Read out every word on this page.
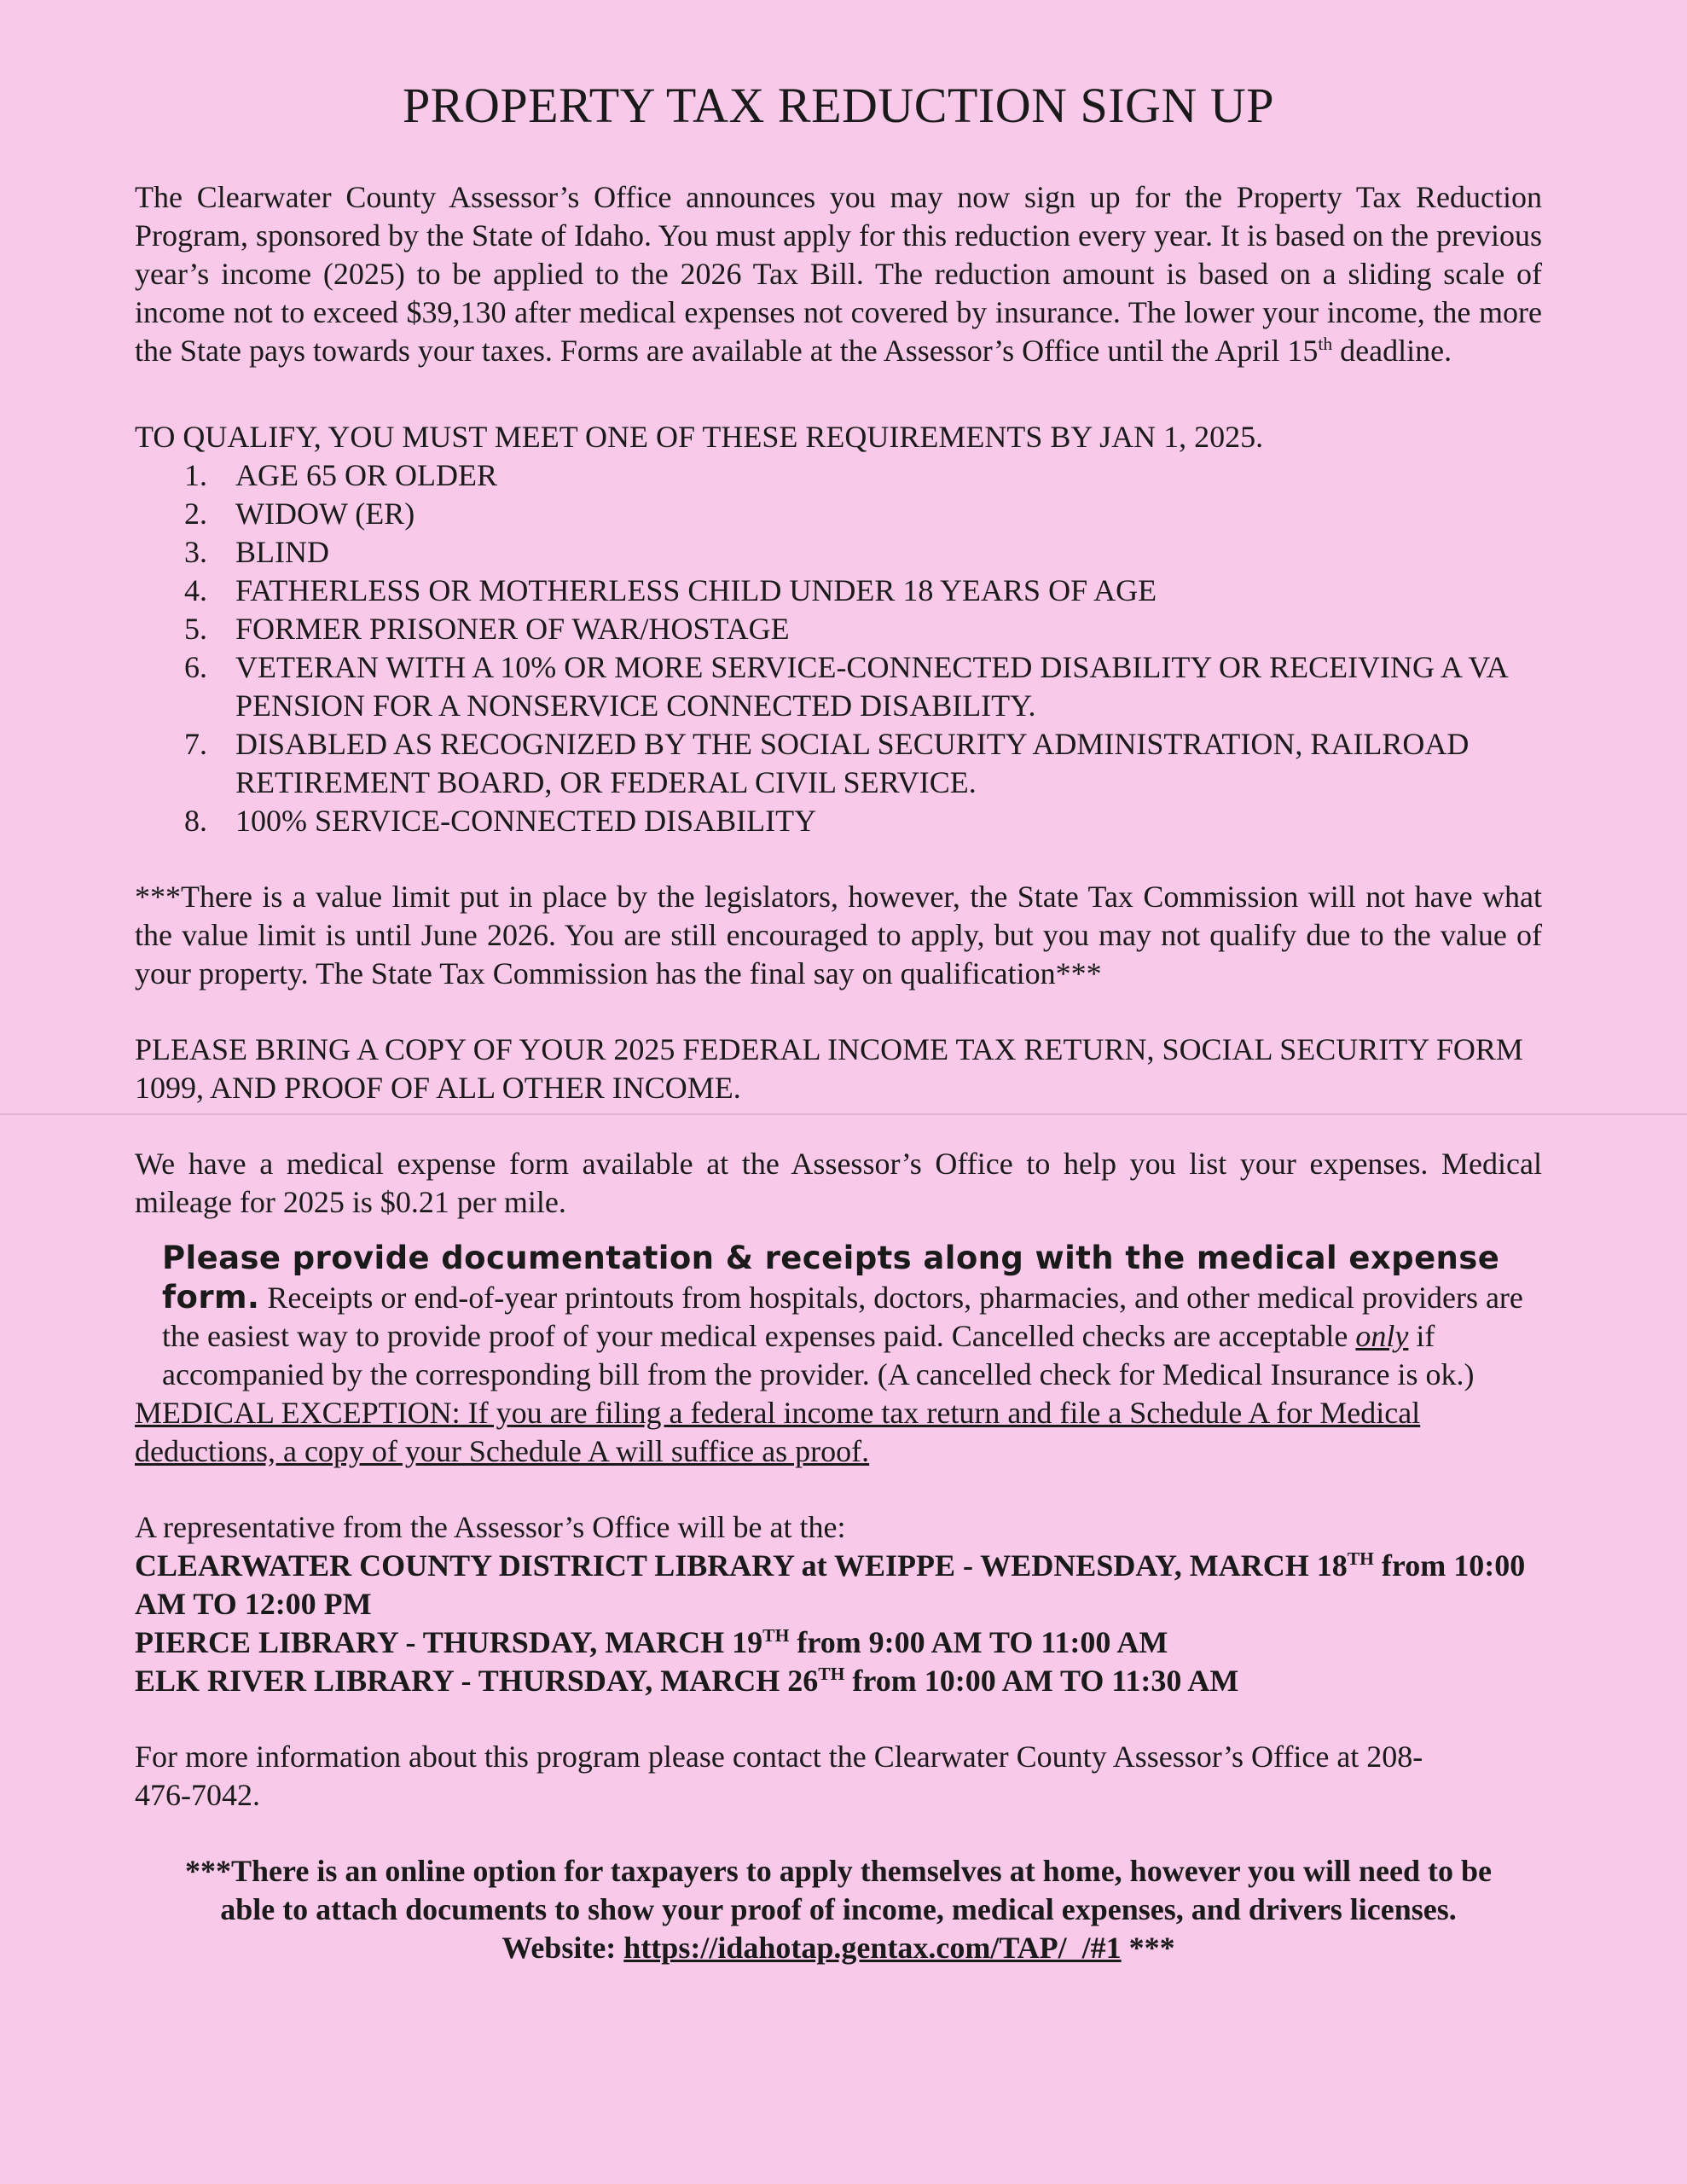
PROPERTY TAX REDUCTION SIGN UP

The Clearwater County Assessor’s Office announces you may now sign up for the Property Tax Reduction Program, sponsored by the State of Idaho. You must apply for this reduction every year. It is based on the previous year’s income (2025) to be applied to the 2026 Tax Bill. The reduction amount is based on a sliding scale of income not to exceed $39,130 after medical expenses not covered by insurance. The lower your income, the more the State pays towards your taxes. Forms are available at the Assessor’s Office until the April 15th deadline.

TO QUALIFY, YOU MUST MEET ONE OF THESE REQUIREMENTS BY JAN 1, 2025.

1. AGE 65 OR OLDER
2. WIDOW (ER)
3. BLIND
4. FATHERLESS OR MOTHERLESS CHILD UNDER 18 YEARS OF AGE
5. FORMER PRISONER OF WAR/HOSTAGE
6. VETERAN WITH A 10% OR MORE SERVICE-CONNECTED DISABILITY OR RECEIVING A VA PENSION FOR A NONSERVICE CONNECTED DISABILITY.
7. DISABLED AS RECOGNIZED BY THE SOCIAL SECURITY ADMINISTRATION, RAILROAD RETIREMENT BOARD, OR FEDERAL CIVIL SERVICE.
8. 100% SERVICE-CONNECTED DISABILITY

***There is a value limit put in place by the legislators, however, the State Tax Commission will not have what the value limit is until June 2026. You are still encouraged to apply, but you may not qualify due to the value of your property. The State Tax Commission has the final say on qualification***

PLEASE BRING A COPY OF YOUR 2025 FEDERAL INCOME TAX RETURN, SOCIAL SECURITY FORM 1099, AND PROOF OF ALL OTHER INCOME.

We have a medical expense form available at the Assessor’s Office to help you list your expenses. Medical mileage for 2025 is $0.21 per mile.

Please provide documentation & receipts along with the medical expense form. Receipts or end-of-year printouts from hospitals, doctors, pharmacies, and other medical providers are the easiest way to provide proof of your medical expenses paid. Cancelled checks are acceptable only if accompanied by the corresponding bill from the provider. (A cancelled check for Medical Insurance is ok.)

MEDICAL EXCEPTION: If you are filing a federal income tax return and file a Schedule A for Medical deductions, a copy of your Schedule A will suffice as proof.

A representative from the Assessor’s Office will be at the:

CLEARWATER COUNTY DISTRICT LIBRARY at WEIPPE - WEDNESDAY, MARCH 18TH from 10:00 AM TO 12:00 PM

PIERCE LIBRARY - THURSDAY, MARCH 19TH from 9:00 AM TO 11:00 AM

ELK RIVER LIBRARY - THURSDAY, MARCH 26TH from 10:00 AM TO 11:30 AM

For more information about this program please contact the Clearwater County Assessor’s Office at 208-476-7042.

***There is an online option for taxpayers to apply themselves at home, however you will need to be able to attach documents to show your proof of income, medical expenses, and drivers licenses. Website: https://idahotap.gentax.com/TAP/_/#1 ***
